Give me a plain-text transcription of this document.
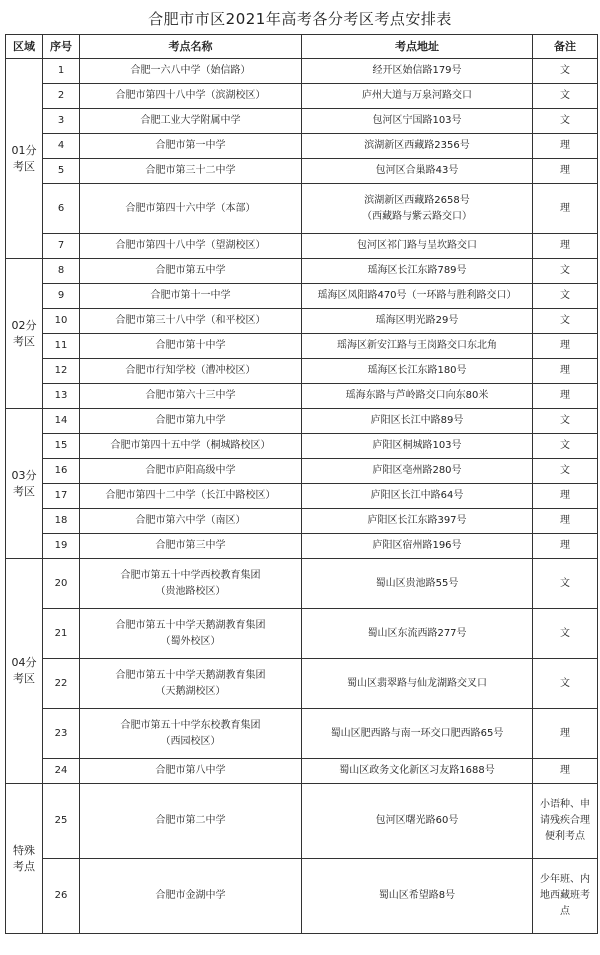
合肥市市区2021年高考各分考区考点安排表
区域	序号	考点名称	考点地址	备注
01分
考区	1	合肥一六八中学（始信路）	经开区始信路179号	文
	2	合肥市第四十八中学（滨湖校区）	庐州大道与万泉河路交口	文
	3	合肥工业大学附属中学	包河区宁国路103号	文
	4	合肥市第一中学	滨湖新区西藏路2356号	理
	5	合肥市第三十二中学	包河区合巢路43号	理
	6	合肥市第四十六中学（本部）	滨湖新区西藏路2658号
（西藏路与紫云路交口）	理
	7	合肥市第四十八中学（望湖校区）	包河区祁门路与呈坎路交口	理
02分
考区	8	合肥市第五中学	瑶海区长江东路789号	文
	9	合肥市第十一中学	瑶海区凤阳路470号（一环路与胜利路交口）	文
	10	合肥市第三十八中学（和平校区）	瑶海区明光路29号	文
	11	合肥市第十中学	瑶海区新安江路与王岗路交口东北角	理
	12	合肥市行知学校（漕冲校区）	瑶海区长江东路180号	理
	13	合肥市第六十三中学	瑶海东路与芦岭路交口向东80米	理
03分
考区	14	合肥市第九中学	庐阳区长江中路89号	文
	15	合肥市第四十五中学（桐城路校区）	庐阳区桐城路103号	文
	16	合肥市庐阳高级中学	庐阳区亳州路280号	文
	17	合肥市第四十二中学（长江中路校区）	庐阳区长江中路64号	理
	18	合肥市第六中学（南区）	庐阳区长江东路397号	理
	19	合肥市第三中学	庐阳区宿州路196号	理
04分
考区	20	合肥市第五十中学西校教育集团
（贵池路校区）	蜀山区贵池路55号	文
	21	合肥市第五十中学天鹅湖教育集团
（蜀外校区）	蜀山区东流西路277号	文
	22	合肥市第五十中学天鹅湖教育集团
（天鹅湖校区）	蜀山区翡翠路与仙龙湖路交叉口	文
	23	合肥市第五十中学东校教育集团
（西园校区）	蜀山区肥西路与南一环交口肥西路65号	理
	24	合肥市第八中学	蜀山区政务文化新区习友路1688号	理
特殊
考点	25	合肥市第二中学	包河区曙光路60号	小语种、申
请残疾合理
便利考点
	26	合肥市金湖中学	蜀山区希望路8号	少年班、内
地西藏班考
点
